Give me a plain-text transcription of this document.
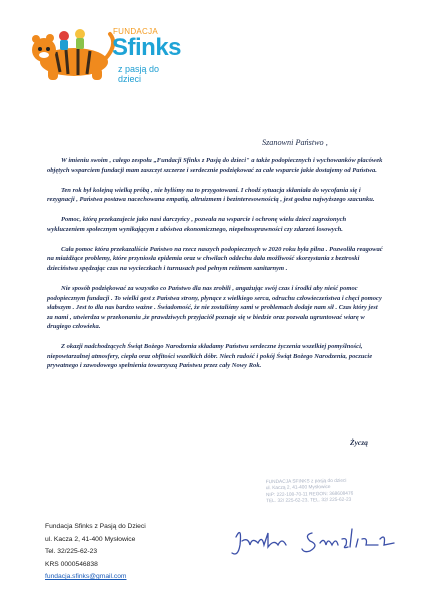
FUNDACJA
Sfinks
z pasją do dzieci
Szanowni Państwo ,

W imieniu swoim , całego zespołu „Fundacji Sfinks z Pasją do dzieci" a także podopiecznych i wychowanków placówek objętych wsparciem fundacji mam zaszczyt szczerze i serdecznie podziękować za całe wsparcie jakie dostajemy od Państwa.

Ten rok był kolejną wielką próbą , nie byliśmy na to przygotowani. I chodź sytuacja skłaniała do wycofania się i rezygnacji , Państwa postawa nacechowana empatią, altruizmem i bezinteresownością , jest godna najwyższego szacunku.

Pomoc, którą przekazujecie jako nasi darczyńcy , pozwala na wsparcie i ochronę wielu dzieci zagrożonych wykluczeniem społecznym wynikającym z ubóstwa ekonomicznego, niepełnosprawności czy zdarzeń losowych.

Cała pomoc która przekazaliście Państwo na rzecz naszych podopiecznych w 2020 roku była pilna . Pozwoliła reagować na miażdżące problemy, które przyniosła epidemia oraz w chwilach oddechu dała możliwość skorzystania z beztroski dzieciństwa spędzając czas na wycieczkach i turnusach pod pełnym reżimem sanitarnym .

Nie sposób podziękować za wszystko co Państwo dla nas zrobili , angażując swój czas i środki aby nieść pomoc podopiecznym fundacji . To wielki gest z Państwa strony, płynące z wielkiego serca, odruchu człowieczeństwa i chęci pomocy słabszym . Jest to dla nas bardzo ważne . Świadomość, że nie zostaliśmy sami w problemach dodaje nam sił . Czas który jest za nami , utwierdza w przekonaniu ,że prawdziwych przyjaciół poznaje się w biedzie oraz pozwala ugruntować wiarę w drugiego człowieka.

Z okazji nadchodzących Świąt Bożego Narodzenia składamy Państwu serdeczne życzenia wszelkiej pomyślności, niepowtarzalnej atmosfery, ciepła oraz obfitości wszelkich dóbr. Niech radość i pokój Świąt Bożego Narodzenia, poczucie prywatnego i zawodowego spełnienia towarzyszą Państwu przez cały Nowy Rok.

Życzą
FUNDACJA SFINKS z pasją do dzieci
ul. Kaczą 2, 41-400 Mysłowice
NIP: 222-108-70-11 REGON: 368608476
TEL. 32/ 225-62-23, TEL. 32/ 225-62-23
Fundacja Sfinks z Pasją do Dzieci
ul. Kacza 2, 41-400 Mysłowice
Tel. 32/225-62-23
KRS 0000546838
fundacja.sfinks@gmail.com
